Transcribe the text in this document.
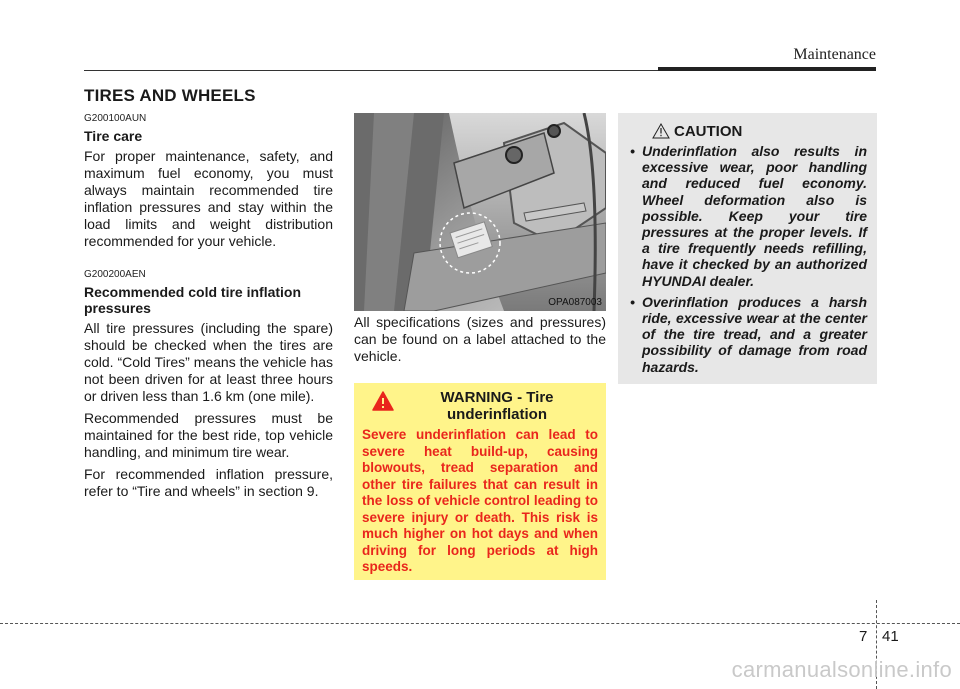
Maintenance
TIRES AND WHEELS

G200100AUN

Tire care

For proper maintenance, safety, and maximum fuel economy, you must always maintain recommended tire inflation pressures and stay within the load limits and weight distribution recommended for your vehicle.

G200200AEN

Recommended cold tire inflation pressures

All tire pressures (including the spare) should be checked when the tires are cold. “Cold Tires” means the vehicle has not been driven for at least three hours or driven less than 1.6 km (one mile).

Recommended pressures must be maintained for the best ride, top vehicle handling, and minimum tire wear.

For recommended inflation pressure, refer to “Tire and wheels” in section 9.

OPA087003

All specifications (sizes and pressures) can be found on a label attached to the vehicle.

WARNING - Tire underinflation

Severe underinflation can lead to severe heat build-up, causing blowouts, tread separation and other tire failures that can result in the loss of vehicle control leading to severe injury or death. This risk is much higher on hot days and when driving for long periods at high speeds.

CAUTION
• Underinflation also results in excessive wear, poor handling and reduced fuel economy. Wheel deformation also is possible. Keep your tire pressures at the proper levels. If a tire frequently needs refilling, have it checked by an authorized HYUNDAI dealer.
• Overinflation produces a harsh ride, excessive wear at the center of the tire tread, and a greater possibility of damage from road hazards.
7 41
carmanualsonline.info
